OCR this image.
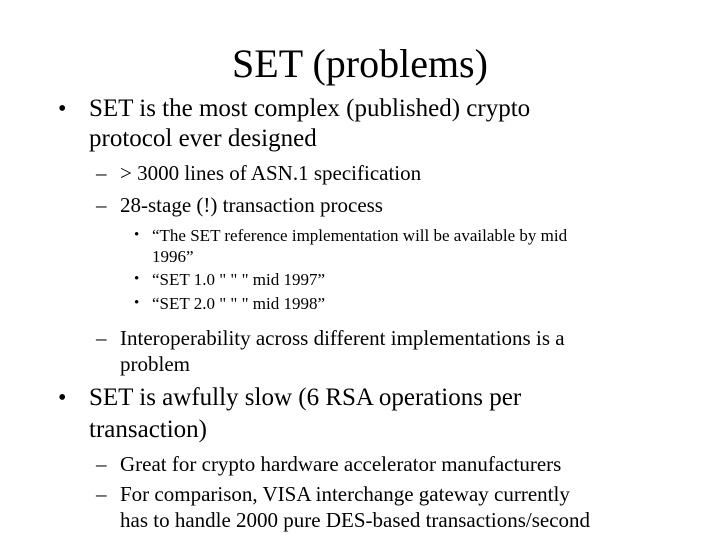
SET (problems)
• SET is the most complex (published) crypto
protocol ever designed
– > 3000 lines of ASN.1 specification
– 28-stage (!) transaction process
• “The SET reference implementation will be available by mid
1996”
• “SET 1.0 " " " mid 1997”
• “SET 2.0 " " " mid 1998”
– Interoperability across different implementations is a
problem
• SET is awfully slow (6 RSA operations per
transaction)
– Great for crypto hardware accelerator manufacturers
– For comparison, VISA interchange gateway currently
has to handle 2000 pure DES-based transactions/second
